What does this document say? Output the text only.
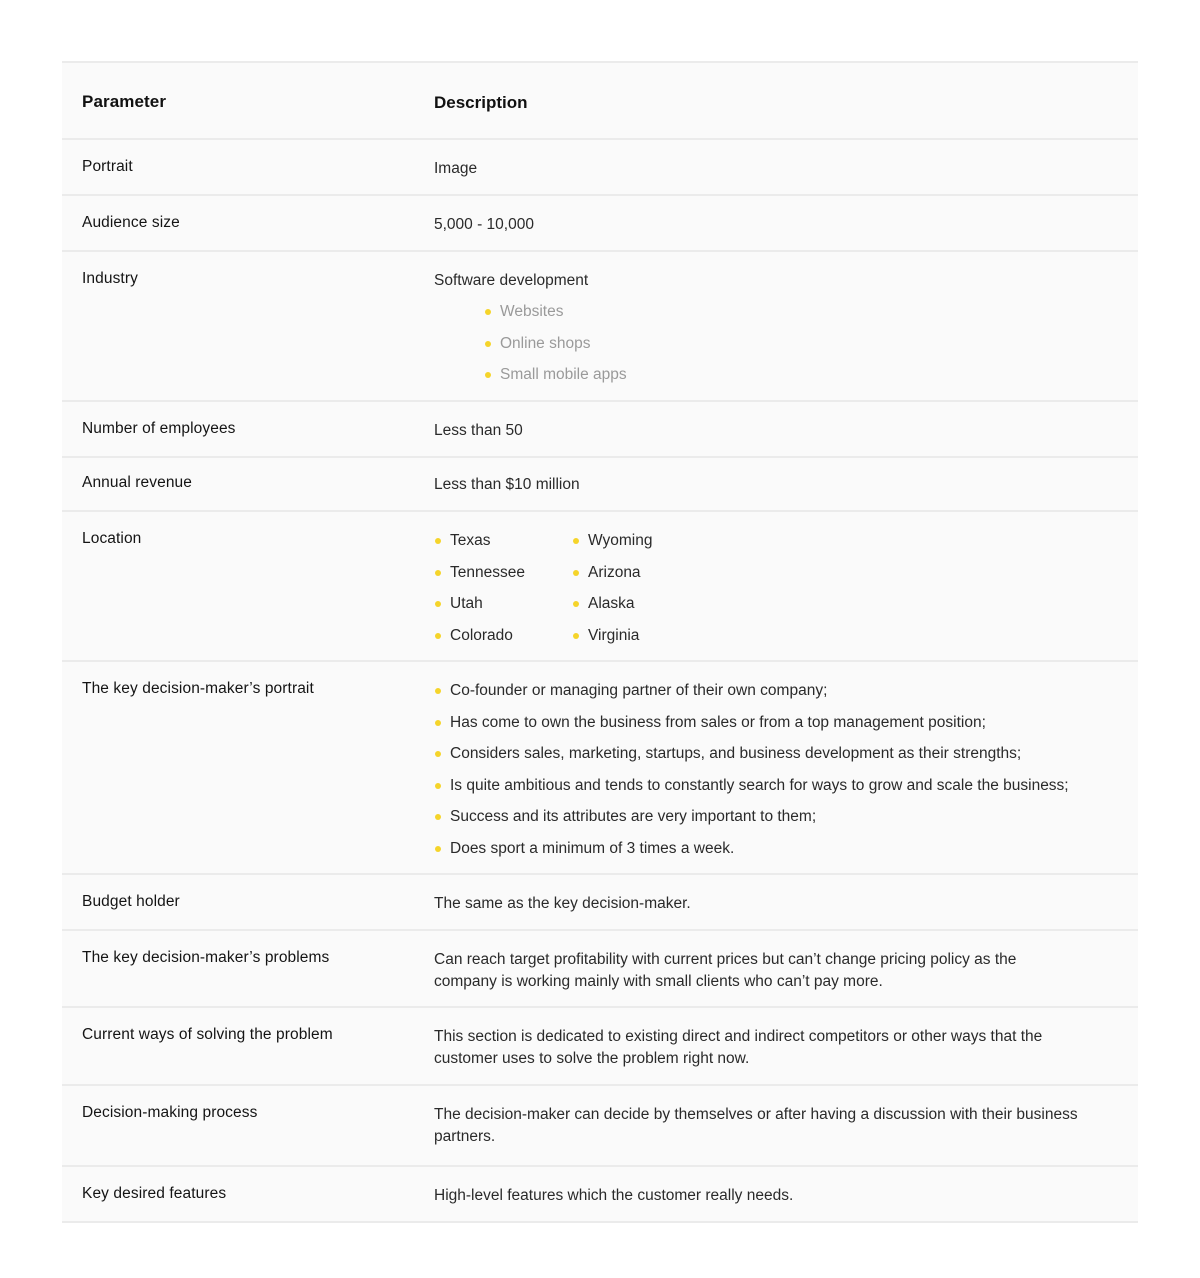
Parameter	Description
Portrait	Image
Audience size	5,000 - 10,000
Industry	Software development
Websites
Online shops
Small mobile apps
Number of employees	Less than 50
Annual revenue	Less than $10 million
Location	Texas
Tennessee
Utah
Colorado
Wyoming
Arizona
Alaska
Virginia
The key decision-maker’s portrait	Co-founder or managing partner of their own company;
Has come to own the business from sales or from a top management position;
Considers sales, marketing, startups, and business development as their strengths;
Is quite ambitious and tends to constantly search for ways to grow and scale the business;
Success and its attributes are very important to them;
Does sport a minimum of 3 times a week.
Budget holder	The same as the key decision-maker.
The key decision-maker’s problems	Can reach target profitability with current prices but can’t change pricing policy as the company is working mainly with small clients who can’t pay more.
Current ways of solving the problem	This section is dedicated to existing direct and indirect competitors or other ways that the customer uses to solve the problem right now.
Decision-making process	The decision-maker can decide by themselves or after having a discussion with their business partners.
Key desired features	High-level features which the customer really needs.
